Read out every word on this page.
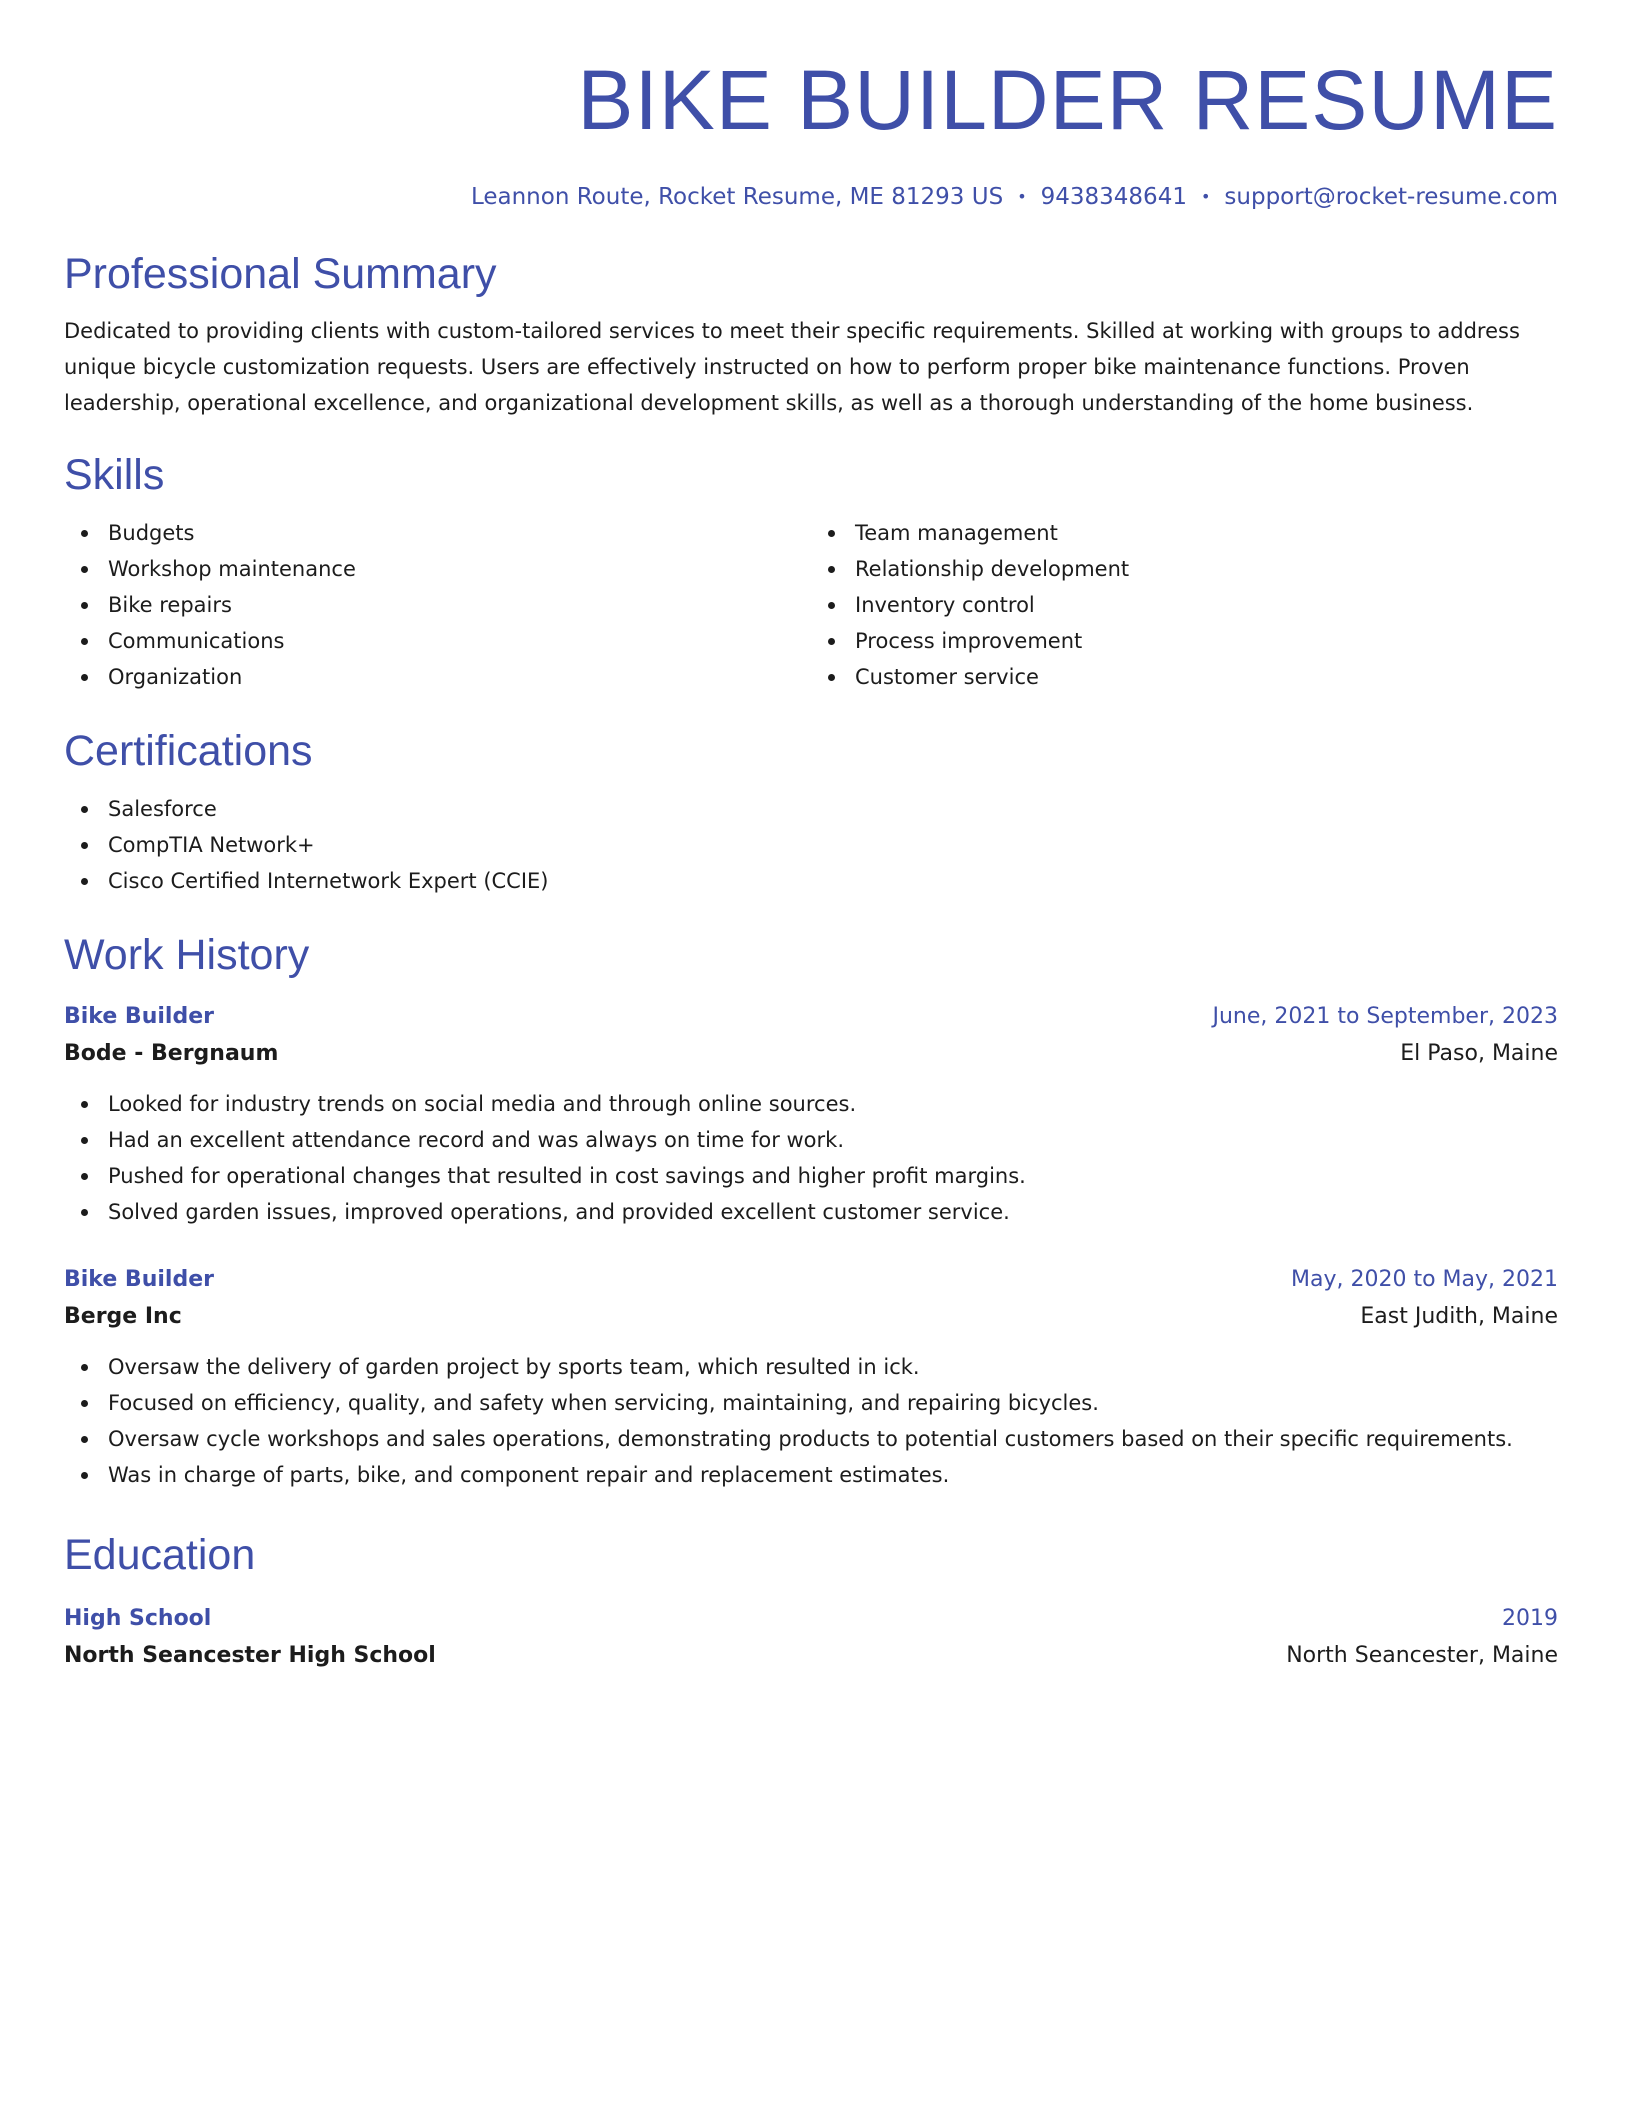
BIKE BUILDER RESUME
Leannon Route, Rocket Resume, ME 81293 US • 9438348641 • support@rocket-resume.com
Professional Summary
Dedicated to providing clients with custom-tailored services to meet their specific requirements. Skilled at working with groups to address unique bicycle customization requests. Users are effectively instructed on how to perform proper bike maintenance functions. Proven leadership, operational excellence, and organizational development skills, as well as a thorough understanding of the home business.
Skills
Budgets
Workshop maintenance
Bike repairs
Communications
Organization
Team management
Relationship development
Inventory control
Process improvement
Customer service
Certifications
Salesforce
CompTIA Network+
Cisco Certified Internetwork Expert (CCIE)
Work History
Bike Builder	June, 2021 to September, 2023
Bode - Bergnaum	El Paso, Maine
Looked for industry trends on social media and through online sources.
Had an excellent attendance record and was always on time for work.
Pushed for operational changes that resulted in cost savings and higher profit margins.
Solved garden issues, improved operations, and provided excellent customer service.
Bike Builder	May, 2020 to May, 2021
Berge Inc	East Judith, Maine
Oversaw the delivery of garden project by sports team, which resulted in ick.
Focused on efficiency, quality, and safety when servicing, maintaining, and repairing bicycles.
Oversaw cycle workshops and sales operations, demonstrating products to potential customers based on their specific requirements.
Was in charge of parts, bike, and component repair and replacement estimates.
Education
High School	2019
North Seancester High School	North Seancester, Maine
